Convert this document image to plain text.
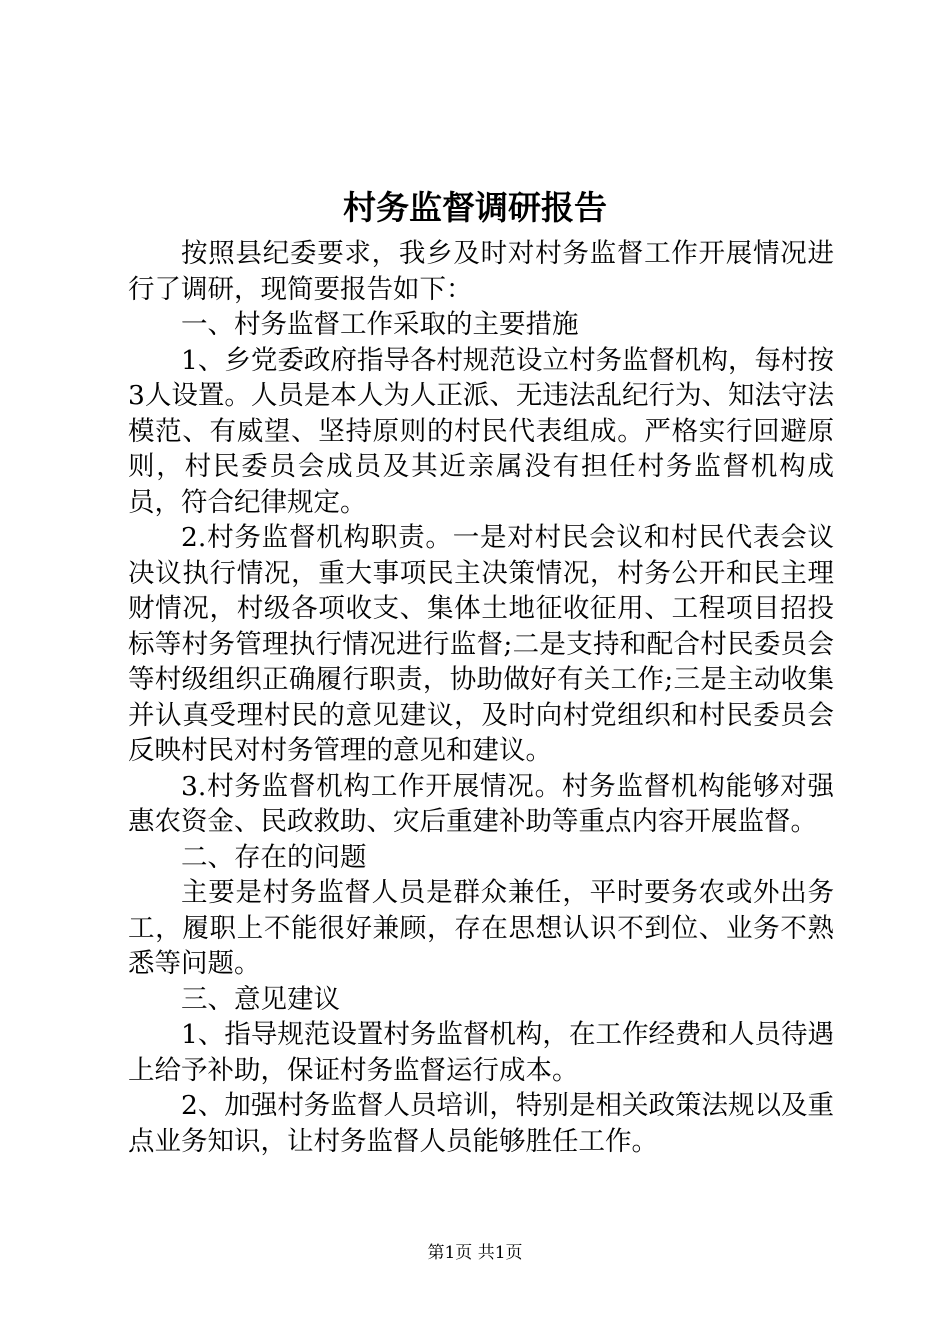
村务监督调研报告

按照县纪委要求，我乡及时对村务监督工作开展情况进行了调研，现简要报告如下：

一、村务监督工作采取的主要措施

1、乡党委政府指导各村规范设立村务监督机构，每村按3人设置。人员是本人为人正派、无违法乱纪行为、知法守法模范、有威望、坚持原则的村民代表组成。严格实行回避原则，村民委员会成员及其近亲属没有担任村务监督机构成员，符合纪律规定。

2.村务监督机构职责。一是对村民会议和村民代表会议决议执行情况，重大事项民主决策情况，村务公开和民主理财情况，村级各项收支、集体土地征收征用、工程项目招投标等村务管理执行情况进行监督;二是支持和配合村民委员会等村级组织正确履行职责，协助做好有关工作;三是主动收集并认真受理村民的意见建议，及时向村党组织和村民委员会反映村民对村务管理的意见和建议。

3.村务监督机构工作开展情况。村务监督机构能够对强惠农资金、民政救助、灾后重建补助等重点内容开展监督。

二、存在的问题

主要是村务监督人员是群众兼任，平时要务农或外出务工，履职上不能很好兼顾，存在思想认识不到位、业务不熟悉等问题。

三、意见建议

1、指导规范设置村务监督机构，在工作经费和人员待遇上给予补助，保证村务监督运行成本。

2、加强村务监督人员培训，特别是相关政策法规以及重点业务知识，让村务监督人员能够胜任工作。

第1页 共1页
